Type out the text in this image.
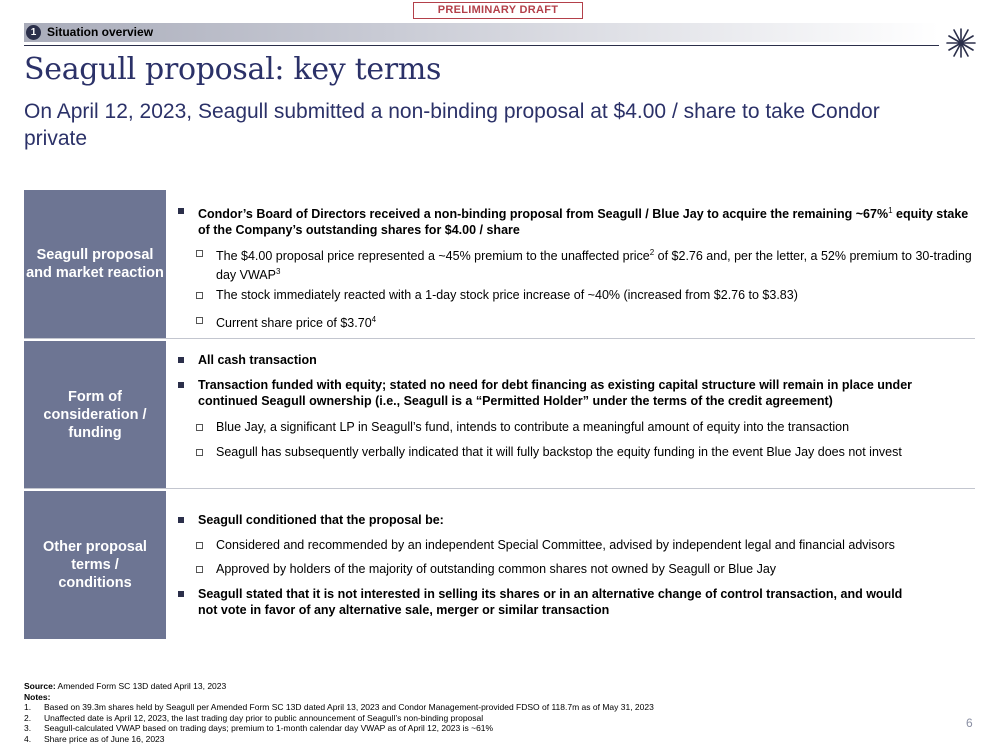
PRELIMINARY DRAFT
1 Situation overview
Seagull proposal: key terms
On April 12, 2023, Seagull submitted a non-binding proposal at $4.00 / share to take Condor private
Seagull proposal and market reaction
Condor’s Board of Directors received a non-binding proposal from Seagull / Blue Jay to acquire the remaining ~67%$^1$ equity stake of the Company’s outstanding shares for $4.00 / share
The $4.00 proposal price represented a ~45% premium to the unaffected price$^2$ of $2.76 and, per the letter, a 52% premium to 30-trading day VWAP$^3$
The stock immediately reacted with a 1-day stock price increase of ~40% (increased from $2.76 to $3.83)
Current share price of $3.70$^4$
Form of consideration / funding
All cash transaction
Transaction funded with equity; stated no need for debt financing as existing capital structure will remain in place under continued Seagull ownership (i.e., Seagull is a “Permitted Holder” under the terms of the credit agreement)
Blue Jay, a significant LP in Seagull’s fund, intends to contribute a meaningful amount of equity into the transaction
Seagull has subsequently verbally indicated that it will fully backstop the equity funding in the event Blue Jay does not invest
Other proposal terms / conditions
Seagull conditioned that the proposal be:
Considered and recommended by an independent Special Committee, advised by independent legal and financial advisors
Approved by holders of the majority of outstanding common shares not owned by Seagull or Blue Jay
Seagull stated that it is not interested in selling its shares or in an alternative change of control transaction, and would not vote in favor of any alternative sale, merger or similar transaction
Source: Amended Form SC 13D dated April 13, 2023
Notes:
1. Based on 39.3m shares held by Seagull per Amended Form SC 13D dated April 13, 2023 and Condor Management-provided FDSO of 118.7m as of May 31, 2023
2. Unaffected date is April 12, 2023, the last trading day prior to public announcement of Seagull’s non-binding proposal
3. Seagull-calculated VWAP based on trading days; premium to 1-month calendar day VWAP as of April 12, 2023 is ~61%
4. Share price as of June 16, 2023
6
